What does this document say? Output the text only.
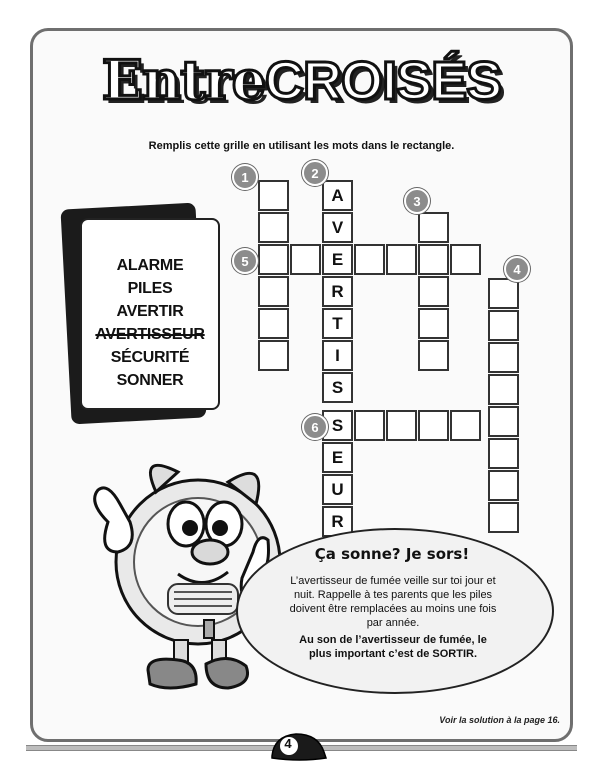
EntreCROISÉS
Remplis cette grille en utilisant les mots dans le rectangle.
ALARME
PILES
AVERTIR
AVERTISSEUR
SÉCURITÉ
SONNER
A
V
E
R
T
I
S
S
E
U
R
1	2
3
4
5
6
Ça sonne? Je sors!
L’avertisseur de fumée veille sur toi jour et nuit. Rappelle à tes parents que les piles doivent être remplacées au moins une fois par année.
Au son de l’avertisseur de fumée, le plus important c’est de SORTIR.
Voir la solution à la page 16.
4
